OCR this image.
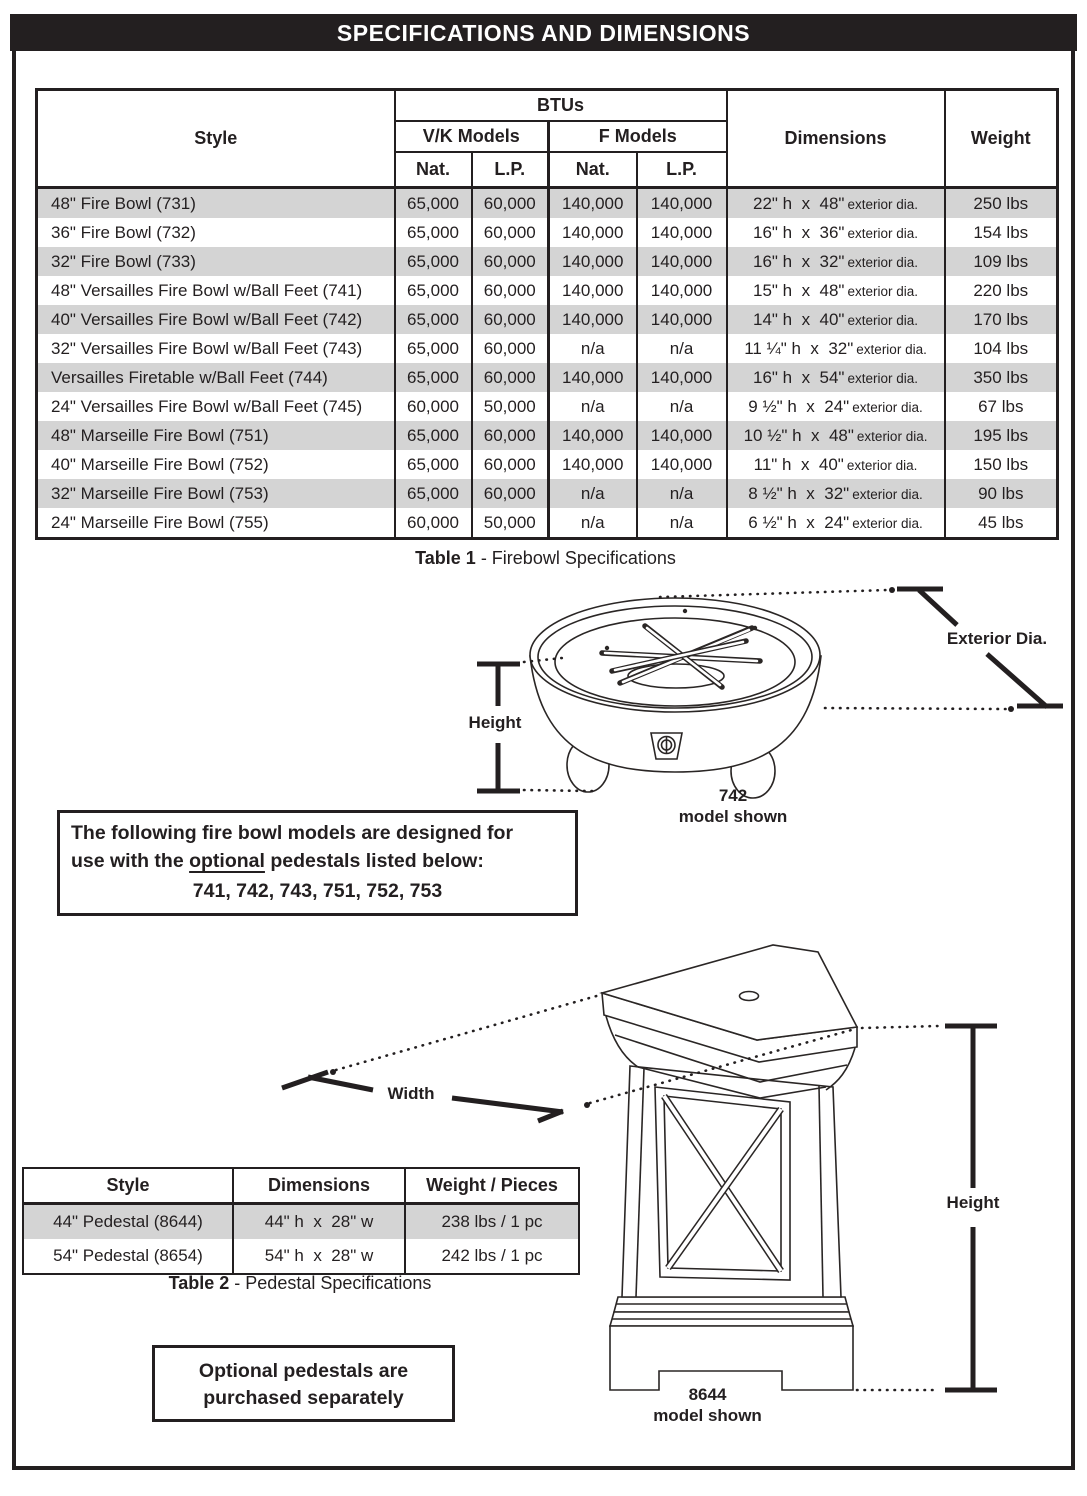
SPECIFICATIONS AND DIMENSIONS
Style	BTUs				Dimensions	Weight
	V/K Models		F Models			
	Nat.	L.P.	Nat.	L.P.		
48" Fire Bowl (731)	65,000	60,000	140,000	140,000	22" h  x  48" exterior dia.	250 lbs
36" Fire Bowl (732)	65,000	60,000	140,000	140,000	16" h  x  36" exterior dia.	154 lbs
32" Fire Bowl (733)	65,000	60,000	140,000	140,000	16" h  x  32" exterior dia.	109 lbs
48" Versailles Fire Bowl w/Ball Feet (741)	65,000	60,000	140,000	140,000	15" h  x  48" exterior dia.	220 lbs
40" Versailles Fire Bowl w/Ball Feet (742)	65,000	60,000	140,000	140,000	14" h  x  40" exterior dia.	170 lbs
32" Versailles Fire Bowl w/Ball Feet (743)	65,000	60,000	n/a	n/a	11 ¼" h  x  32" exterior dia.	104 lbs
Versailles Firetable w/Ball Feet (744)	65,000	60,000	140,000	140,000	16" h  x  54" exterior dia.	350 lbs
24" Versailles Fire Bowl w/Ball Feet (745)	60,000	50,000	n/a	n/a	9 ½" h  x  24" exterior dia.	67 lbs
48" Marseille Fire Bowl (751)	65,000	60,000	140,000	140,000	10 ½" h  x  48" exterior dia.	195 lbs
40" Marseille Fire Bowl (752)	65,000	60,000	140,000	140,000	11" h  x  40" exterior dia.	150 lbs
32" Marseille Fire Bowl (753)	65,000	60,000	n/a	n/a	8 ½" h  x  32" exterior dia.	90 lbs
24" Marseille Fire Bowl (755)	60,000	50,000	n/a	n/a	6 ½" h  x  24" exterior dia.	45 lbs
Table 1 - Firebowl Specifications
Height
Exterior Dia.
742
model shown
The following fire bowl models are designed for
use with the optional pedestals listed below:
741, 742, 743, 751, 752, 753
Width
Height
8644
model shown
Style	Dimensions	Weight / Pieces
44" Pedestal (8644)	44" h  x  28" w	238 lbs / 1 pc
54" Pedestal (8654)	54" h  x  28" w	242 lbs / 1 pc
Table 2 - Pedestal Specifications
Optional pedestals are
purchased separately
